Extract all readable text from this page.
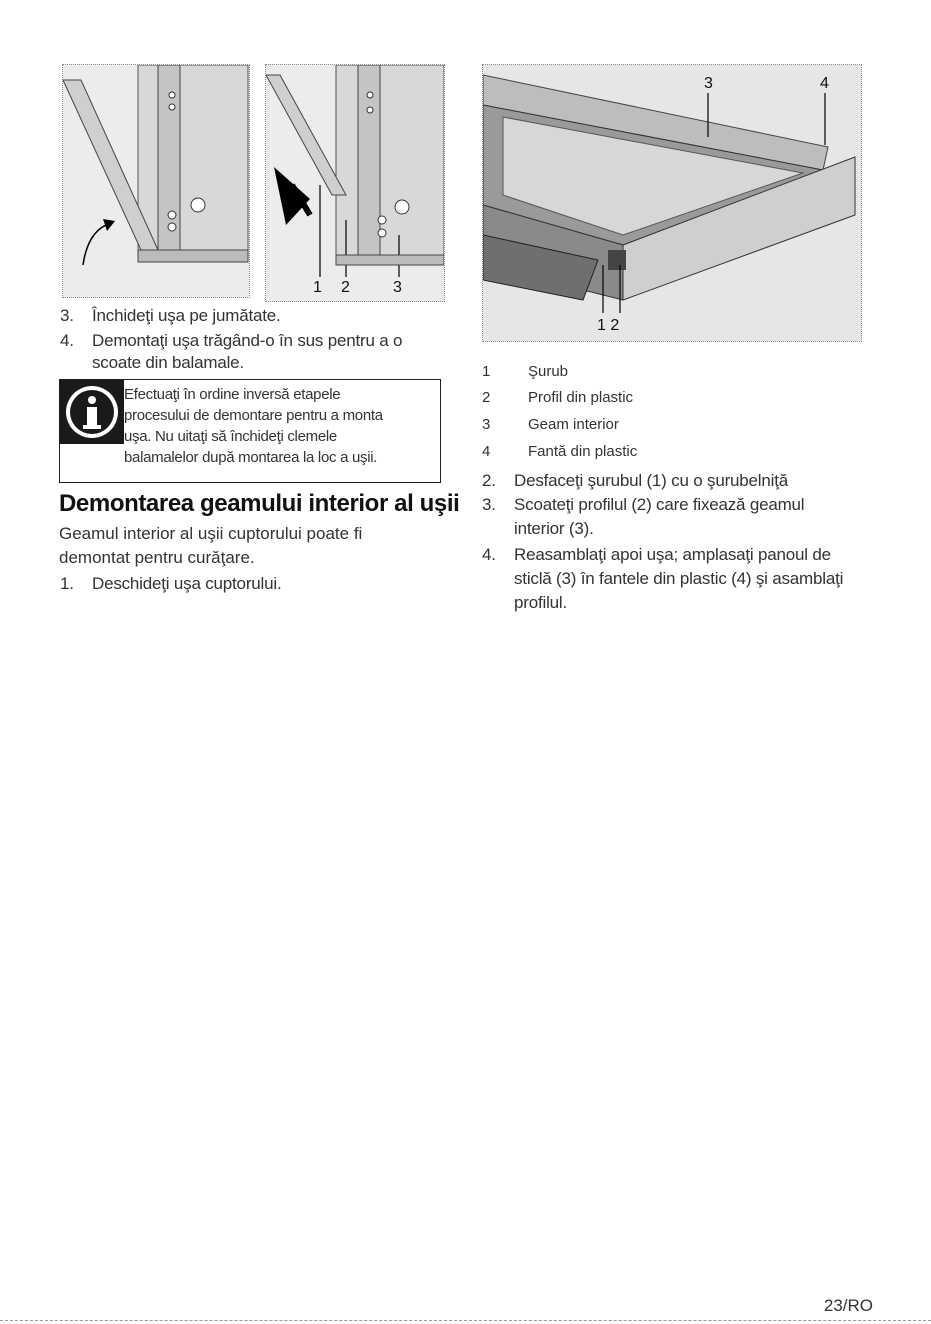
1 2	3
3	4
1 2
3. Închideţi uşa pe jumătate.
4. Demontaţi uşa trăgând-o în sus pentru a o
scoate din balamale.
Efectuaţi în ordine inversă etapele
procesului de demontare pentru a monta
uşa. Nu uitaţi să închideţi clemele
balamalelor după montarea la loc a uşii.
Demontarea geamului interior al uşii
Geamul interior al uşii cuptorului poate fi
demontat pentru curăţare.
1. Deschideţi uşa cuptorului.
1	Şurub
2	Profil din plastic
3	Geam interior
4	Fantă din plastic
2. Desfaceţi şurubul (1) cu o şurubelniţă
3. Scoateţi profilul (2) care fixează geamul
interior (3).
4. Reasamblaţi apoi uşa; amplasaţi panoul de
sticlă (3) în fantele din plastic (4) şi asamblaţi
profilul.
23/RO
